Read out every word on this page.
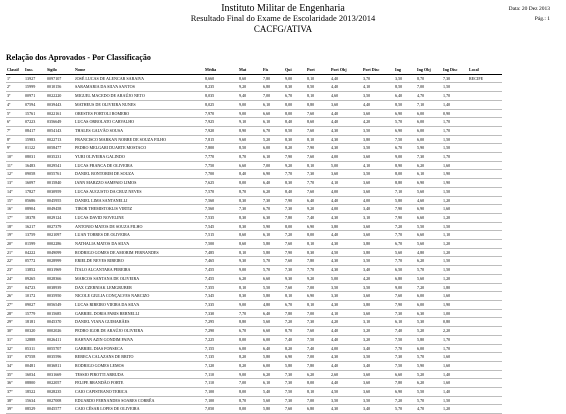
Instituto Militar de Engenharia
Resultado Final do Exame de Escolaridade 2013/2014
CACFG/ATIVA
Data: 20 Dez 2013
Pág.: 1
Relação dos Aprovados - Por Classificação
Classif	Insc.	Sigilo	Nome	Média	Mat	Fis	Qui	Port	Port Obj	Port Disc	Ing	Ing Obj	Ing Disc	Local
1º	13927	0097107	JOSÉ LUCAS DE ALENCAR SARAIVA	8,660	8,60	7,80	9,00	8,10	4,40	3,70	3,50	8,70	7,30	RECIFE
2º	15999	0010156	SARAMARIA DA SILVA SANTOS	8,235	9,20	6,80	8,30	8,50	4,40	4,10	8,50	7,00	1,50	
3º	00971	0022220	MIGUEL MACEDO DE ARAÚJO NETO	8,035	9,40	7,00	6,70	8,10	4,60	3,50	6,40	4,70	1,70	
4º	07594	0039443	MATHEUS DE OLIVEIRA NUNES	8,025	9,00	6,10	8,00	8,80	3,60	4,40	8,50	7,10	1,40	
5º	15761	0022161	ORESTES FORTOLI ROMERO	7,970	9,00	6,60	8,00	7,60	4,40	3,60	6,90	6,00	0,90	
6º	07223	0356649	LUCAS ORBOLATO CARVALHO	7,925	9,10	6,10	8,40	8,60	4,40	4,20	5,70	6,00	1,70	
7º	08417	0054143	THALES GALVÃO SOUSA	7,920	8,90	6,70	8,50	7,60	4,30	3,50	6,90	6,00	1,70	
8º	15983	0022713	FRANCISCO MARKAN NOBRE DE SOUZA FILHO	7,815	9,60	5,20	8,30	8,10	4,30	3,80	7,50	6,00	1,50	
9º	01122	0058477	PEDRO MELGARI DUARTE MOSTACO	7,800	8,50	6,00	8,20	7,90	4,30	3,50	6,70	5,90	1,50	
10º	08031	0035231	YURI OLIVEIRA GALINDO	7,770	8,70	6,10	7,90	7,60	4,00	3,60	9,00	7,30	1,70	
11º	16483	0029541	LUCAS FRANCA DE OLIVEIRA	7,750	6,60	7,00	9,20	8,10	5,00	4,10	8,90	6,20	1,60	
12º	09058	0055761	DANIEL BONTORIM DE SOUZA	7,700	8,40	6,90	7,70	7,30	3,60	3,50	8,00	6,10	1,90	
13º	16097	0015840	IANN MARZZO SAMPAIO LIMOS	7,625	8,00	6,40	8,30	7,70	4,10	3,60	8,80	6,90	1,90	
14º	17827	0030959	LUCAS AUGUSTO DA CRUZ NEVES	7,570	8,70	6,20	8,40	7,60	4,00	3,60	7,10	5,60	1,50	
15º	05686	0045955	DANIEL LIMA SANTANELLI	7,560	8,30	7,30	7,90	6,40	4,40	4,00	5,80	4,60	1,20	
16º	08904	0049458	TIBOR THEMISTOKLIS VIRTIZ	7,560	7,30	6,70	7,30	9,20	4,00	3,40	7,90	6,90	1,60	
17º	18378	0029124	LUCAS DAVID NOVELINE	7,535	8,30	6,30	7,80	7,40	4,30	3,10	7,90	6,60	1,20	
18º	16217	0027379	ANTONIO MATOS DE SOUZA FILHO	7,545	8,30	5,90	8,00	6,90	3,80	3,60	7,20	5,50	1,50	
19º	13759	0021097	LUAN TORRES DE OLIVEIRA	7,515	8,60	6,10	7,20	8,00	4,40	3,60	7,70	6,60	1,10	
20º	01599	0002286	NATHALIA MATOS DA SILVA	7,500	8,60	5,80	7,60	8,10	4,30	3,80	6,70	5,60	1,20	
21º	04222	0049099	RODRIGO GOMES DE AMORIM FERNANDES	7,485	8,10	5,80	7,90	8,30	4,50	3,80	5,60	4,80	1,20	
22º	05772	0028999	ERIELDE NEVES RIBEIRO	7,465	9,30	5,70	7,60	7,80	4,30	3,50	7,70	6,20	1,50	
23º	13852	0031969	ÍTALO ALCANTARA PEREIRA	7,455	9,00	5,70	7,30	7,70	4,30	3,40	6,50	5,70	1,50	
24º	09265	0028366	MARCOS SANTANA DE OLIVEIRA	7,455	6,20	6,60	9,30	9,20	5,00	4,20	6,80	5,60	1,20	
25º	04723	0038939	DAX CZERNIAK LEMGRUBER	7,355	8,10	5,50	7,60	7,00	3,50	3,50	9,00	7,20	1,80	
26º	10172	0035950	NICOLE GIULIA CONÇALVES NARCIZO	7,345	8,30	5,80	8,10	6,90	3,30	3,60	7,60	6,00	1,60	
27º	09027	0056549	LUCAS RIBEIRO VIEIRA DA SILVA	7,335	9,00	4,80	6,70	8,10	4,30	3,80	7,90	6,00	1,90	
28º	15779	0015685	GABRIEL DORIA PARIS BERNELLI	7,330	7,70	6,40	7,80	7,00	4,10	3,60	7,30	6,30	1,00	
29º	18181	0045370	DANIEL VIANA GUIMARÃES	7,295	8,80	5,60	7,20	7,30	4,20	3,10	6,10	5,30	0,80	
30º	00320	0002026	PEDRO IGOR DE ARAÚJO OLIVEIRA	7,290	6,70	6,60	8,70	7,60	4,40	3,20	7,40	5,20	2,20	
31º	12888	0026411	RAHYAN AZIN GONDIM PAIVA	7,225	8,00	6,00	7,40	7,50	4,40	3,20	7,50	5,80	1,70	
32º	05311	0055707	GABRIEL DIAS FONSECA	7,155	6,00	6,40	8,20	7,40	4,00	3,40	7,70	6,00	1,70	
33º	07558	0035596	REBECA CALAZANS DE BRITO	7,135	8,20	5,80	6,90	7,00	4,30	3,50	7,30	5,70	1,60	
34º	00481	0036811	RODRIGO GOMES LEMOS	7,120	8,20	6,00	5,80	7,80	4,40	3,40	7,50	5,90	1,60	
35º	16034	0031669	TESSIO PIROTTI ARRUDA	7,110	9,00	6,20	7,30	6,20	2,60	3,60	6,60	5,20	1,40	
36º	08800	0022057	FELIPE BRANDÃO FORTE	7,110	7,00	6,10	7,30	8,00	4,40	3,60	7,80	6,20	1,60	
37º	18522	0028235	CAIO CAPISTRANO TEBICA	7,100	8,00	5,40	7,50	8,10	4,50	3,60	6,90	5,50	1,40	
38º	15634	0027008	EDUARDO FERNANDES SOARES CORRÊA	7,100	8,70	5,60	7,30	7,00	3,50	3,50	7,20	5,70	1,50	
39º	08529	0045577	CAIO CÉSAR LOPES DE OLIVEIRA	7,050	8,00	5,80	7,60	6,80	4,30	3,40	5,70	4,70	1,20	
